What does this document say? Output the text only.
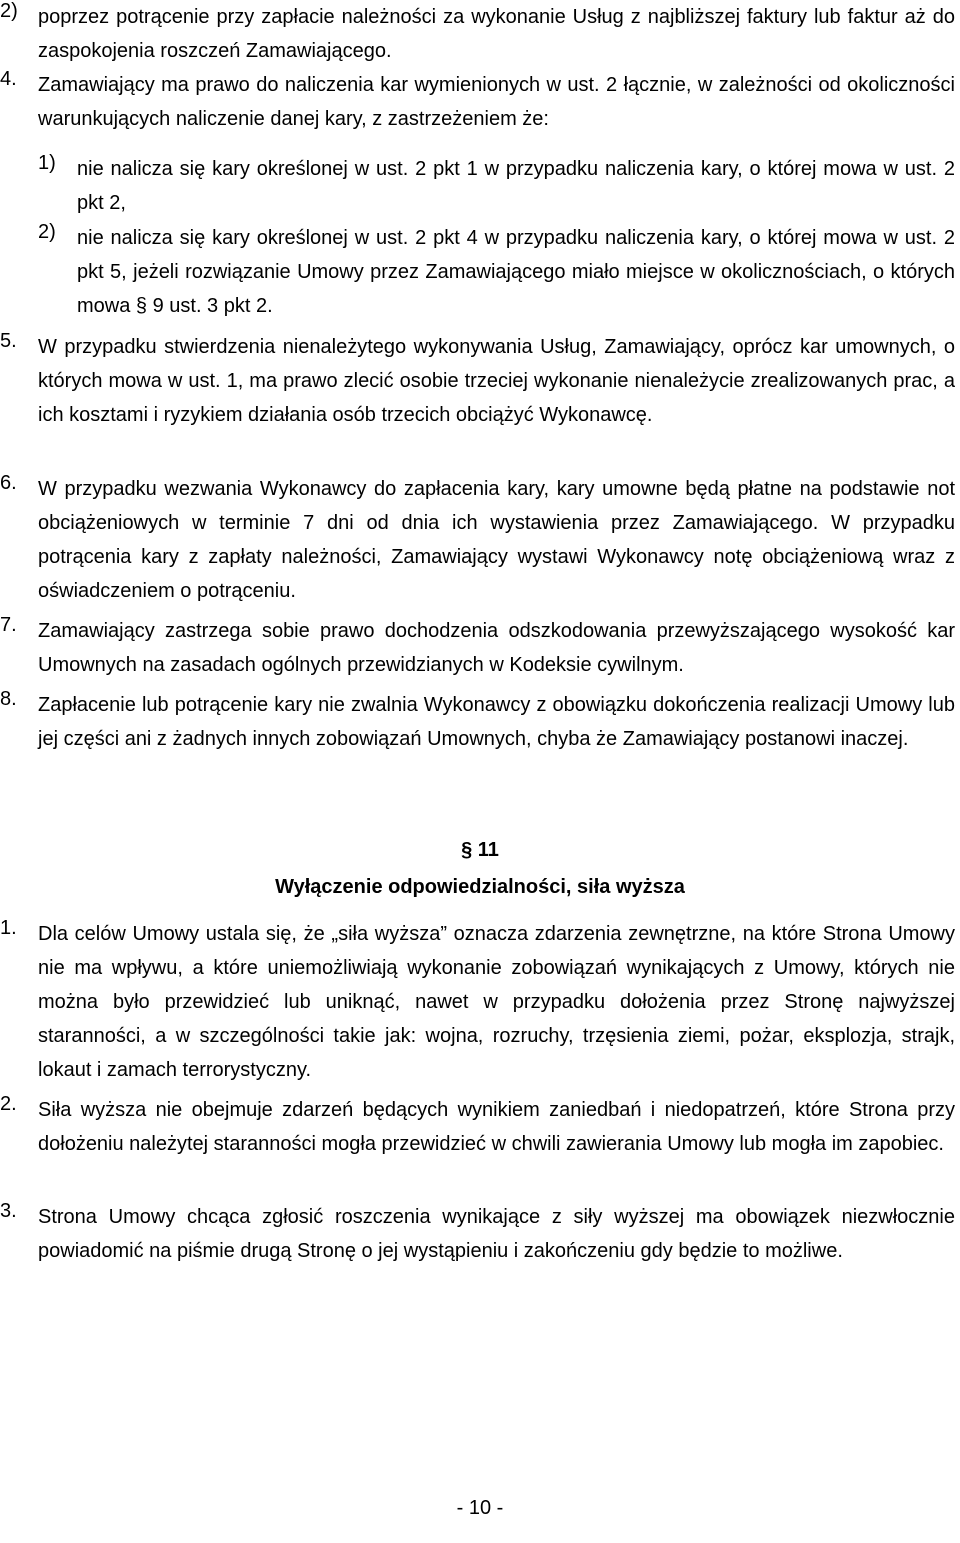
2) poprzez potrącenie przy zapłacie należności za wykonanie Usług z najbliższej faktury lub faktur aż do zaspokojenia roszczeń Zamawiającego.
4. Zamawiający ma prawo do naliczenia kar wymienionych w ust. 2 łącznie, w zależności od okoliczności warunkujących naliczenie danej kary, z zastrzeżeniem że:
1) nie nalicza się kary określonej w ust. 2 pkt 1 w przypadku naliczenia kary, o której mowa w ust. 2 pkt 2,
2) nie nalicza się kary określonej w ust. 2 pkt 4 w przypadku naliczenia kary, o której mowa w ust. 2 pkt 5, jeżeli rozwiązanie Umowy przez Zamawiającego miało miejsce w okolicznościach, o których mowa § 9 ust. 3 pkt 2.
5. W przypadku stwierdzenia nienależytego wykonywania Usług, Zamawiający, oprócz kar umownych, o których mowa w ust. 1, ma prawo zlecić osobie trzeciej wykonanie nienależycie zrealizowanych prac, a ich kosztami i ryzykiem działania osób trzecich obciążyć Wykonawcę.
6. W przypadku wezwania Wykonawcy do zapłacenia kary, kary umowne będą płatne na podstawie not obciążeniowych w terminie 7 dni od dnia ich wystawienia przez Zamawiającego. W przypadku potrącenia kary z zapłaty należności, Zamawiający wystawi Wykonawcy notę obciążeniową wraz z oświadczeniem o potrąceniu.
7. Zamawiający zastrzega sobie prawo dochodzenia odszkodowania przewyższającego wysokość kar Umownych na zasadach ogólnych przewidzianych w Kodeksie cywilnym.
8. Zapłacenie lub potrącenie kary nie zwalnia Wykonawcy z obowiązku dokończenia realizacji Umowy lub jej części ani z żadnych innych zobowiązań Umownych, chyba że Zamawiający postanowi inaczej.
§ 11
Wyłączenie odpowiedzialności, siła wyższa
1. Dla celów Umowy ustala się, że „siła wyższa” oznacza zdarzenia zewnętrzne, na które Strona Umowy nie ma wpływu, a które uniemożliwiają wykonanie zobowiązań wynikających z Umowy, których nie można było przewidzieć lub uniknąć, nawet w przypadku dołożenia przez Stronę najwyższej staranności, a w szczególności takie jak: wojna, rozruchy, trzęsienia ziemi, pożar, eksplozja, strajk, lokaut i zamach terrorystyczny.
2. Siła wyższa nie obejmuje zdarzeń będących wynikiem zaniedbań i niedopatrzeń, które Strona przy dołożeniu należytej staranności mogła przewidzieć w chwili zawierania Umowy lub mogła im zapobiec.
3. Strona Umowy chcąca zgłosić roszczenia wynikające z siły wyższej ma obowiązek niezwłocznie powiadomić na piśmie drugą Stronę o jej wystąpieniu i zakończeniu gdy będzie to możliwe.
- 10 -
